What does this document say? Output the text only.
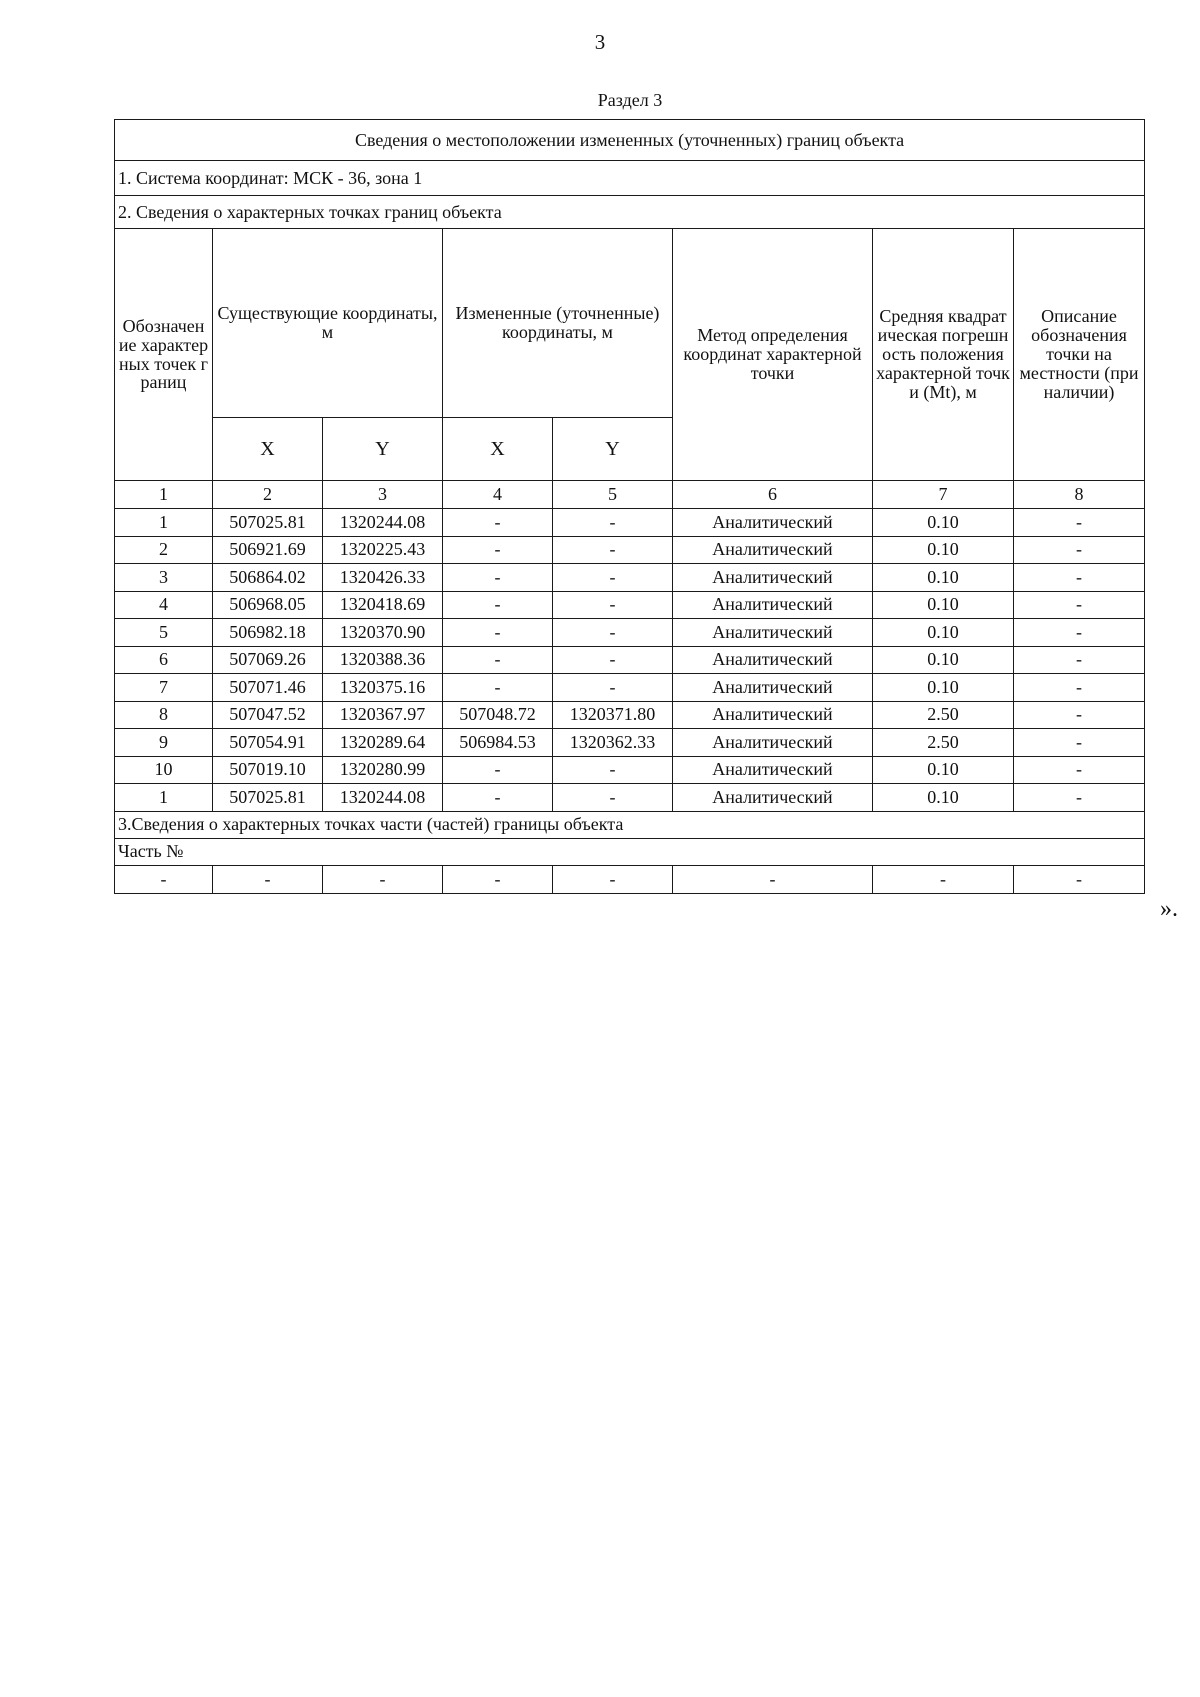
3
Раздел 3
Сведения о местоположении измененных (уточненных) границ объекта							
1. Система координат: МСК - 36, зона 1							
2. Сведения о характерных точках границ объекта							
Обозначение характерных точек границ	Существующие координаты, м		Измененные (уточненные) координаты, м		Метод определения координат характерной точки	Средняя квадратическая погрешность положения характерной точки (Mt), м	Описание обозначения точки на местности (при наличии)
	X	Y	X	Y			
1	2	3	4	5	6	7	8
1	507025.81	1320244.08	-	-	Аналитический	0.10	-
2	506921.69	1320225.43	-	-	Аналитический	0.10	-
3	506864.02	1320426.33	-	-	Аналитический	0.10	-
4	506968.05	1320418.69	-	-	Аналитический	0.10	-
5	506982.18	1320370.90	-	-	Аналитический	0.10	-
6	507069.26	1320388.36	-	-	Аналитический	0.10	-
7	507071.46	1320375.16	-	-	Аналитический	0.10	-
8	507047.52	1320367.97	507048.72	1320371.80	Аналитический	2.50	-
9	507054.91	1320289.64	506984.53	1320362.33	Аналитический	2.50	-
10	507019.10	1320280.99	-	-	Аналитический	0.10	-
1	507025.81	1320244.08	-	-	Аналитический	0.10	-
3.Сведения о характерных точках части (частей) границы объекта							
Часть №							
-	-	-	-	-	-	-	-
».
